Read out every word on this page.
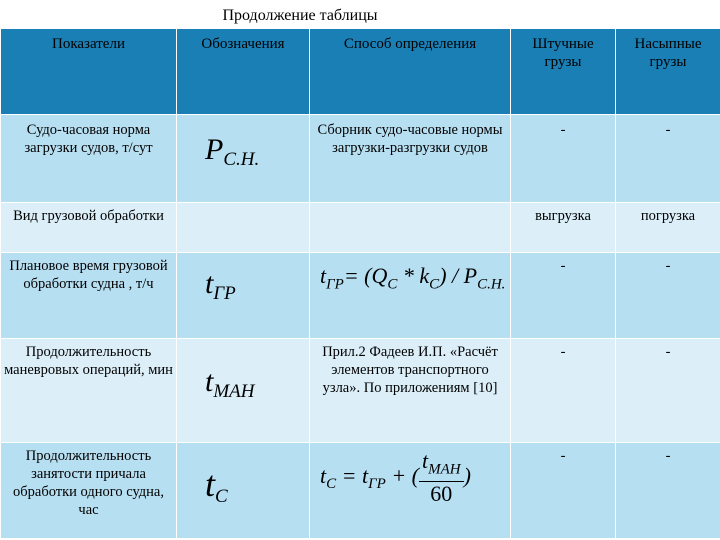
Продолжение таблицы
Показатели	Обозначения	Способ определения	Штучные грузы	Насыпные грузы
Судо-часовая норма загрузки судов, т/сут	$P_{С.Н.}$	Сборник судо-часовые нормы загрузки-разгрузки судов	-	-
Вид грузовой обработки			выгрузка	погрузка
Плановое время грузовой обработки судна , т/ч	$t_{ГР}$	$t_{ГР}= (Q_C * k_C) / P_{C.H.}$	-	-
Продолжительность маневровых операций, мин	$t_{МАН}$	Прил.2 Фадеев И.П. «Расчёт элементов транспортного узла». По приложениям [10]	-	-
Продолжительность занятости причала обработки одного судна, час	$t_С$	$t_C = t_{ГР}$ + ( $\frac{t_{МАН}}{60}$ )	-	-
